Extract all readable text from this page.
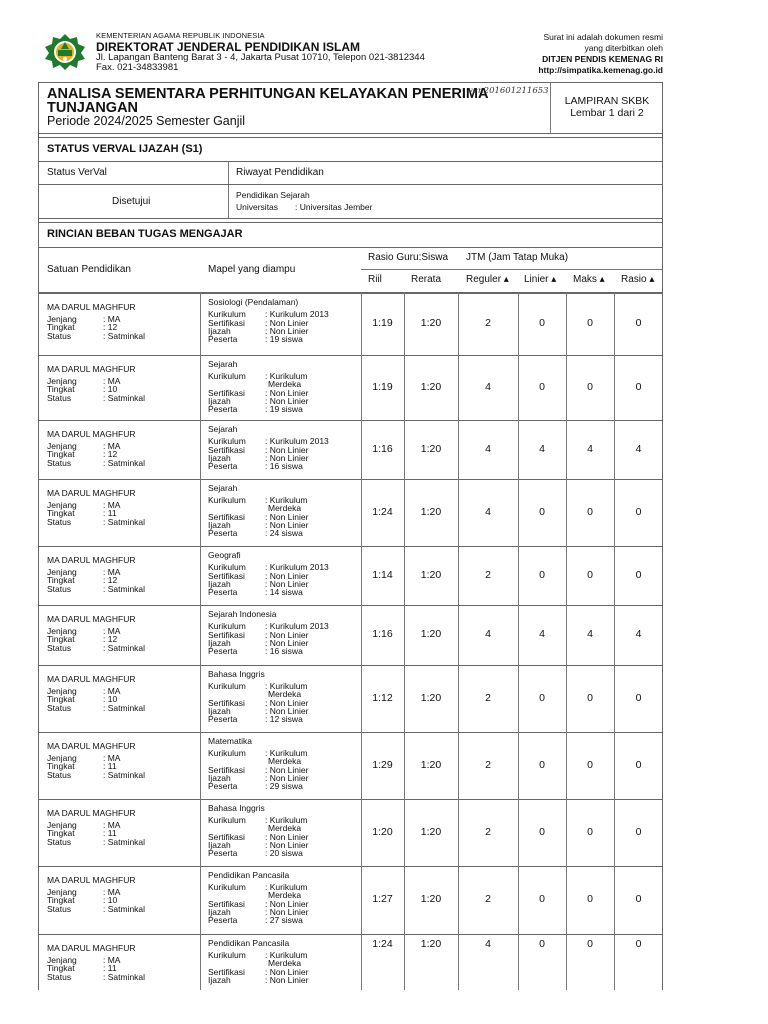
KEMENTERIAN AGAMA REPUBLIK INDONESIA
DIREKTORAT JENDERAL PENDIDIKAN ISLAM
Jl. Lapangan Banteng Barat 3 - 4, Jakarta Pusat 10710, Telepon 021-3812344
Fax. 021-34833981
Surat ini adalah dokumen resmi
yang diterbitkan oleh
DITJEN PENDIS KEMENAG RI
http://simpatika.kemenag.go.id
ANALISA SEMENTARA PERHITUNGAN KELAYAKAN PENERIMA
TUNJANGAN
Periode 2024/2025 Semester Ganjil
ver.201601211653
LAMPIRAN SKBK
Lembar 1 dari 2
STATUS VERVAL IJAZAH (S1)
Status VerVal	Riwayat Pendidikan
Disetujui
Pendidikan Sejarah
Universitas : Universitas Jember
RINCIAN BEBAN TUGAS MENGAJAR
Satuan Pendidikan	Mapel yang diampu
Rasio Guru:Siswa JTM (Jam Tatap Muka)
Riil	Rerata Reguler ▴ Linier ▴ Maks ▴ Rasio ▴
MA DARUL MAGHFUR
Jenjang	: MA
Tingkat	: 12
Status	: Satminkal
Sosiologi (Pendalaman)
Kurikulum : Kurikulum 2013
Sertifikasi : Non Linier
Ijazah	: Non Linier
Peserta	: 19 siswa
1:19	1:20	2	0	0	0
MA DARUL MAGHFUR
Jenjang	: MA
Tingkat	: 10
Status	: Satminkal
Sejarah
Kurikulum : Kurikulum
Merdeka
Sertifikasi : Non Linier
Ijazah	: Non Linier
Peserta	: 19 siswa
1:19	1:20	4	0	0	0
MA DARUL MAGHFUR
Jenjang	: MA
Tingkat	: 12
Status	: Satminkal
Sejarah
Kurikulum : Kurikulum 2013
Sertifikasi : Non Linier
Ijazah	: Non Linier
Peserta	: 16 siswa
1:16	1:20	4	4	4	4
MA DARUL MAGHFUR
Jenjang	: MA
Tingkat	: 11
Status	: Satminkal
Sejarah
Kurikulum : Kurikulum
Merdeka
Sertifikasi : Non Linier
Ijazah	: Non Linier
Peserta	: 24 siswa
1:24	1:20	4	0	0	0
MA DARUL MAGHFUR
Jenjang	: MA
Tingkat	: 12
Status	: Satminkal
Geografi
Kurikulum : Kurikulum 2013
Sertifikasi : Non Linier
Ijazah	: Non Linier
Peserta	: 14 siswa
1:14	1:20	2	0	0	0
MA DARUL MAGHFUR
Jenjang	: MA
Tingkat	: 12
Status	: Satminkal
Sejarah Indonesia
Kurikulum : Kurikulum 2013
Sertifikasi : Non Linier
Ijazah	: Non Linier
Peserta	: 16 siswa
1:16	1:20	4	4	4	4
MA DARUL MAGHFUR
Jenjang	: MA
Tingkat	: 10
Status	: Satminkal
Bahasa Inggris
Kurikulum : Kurikulum
Merdeka
Sertifikasi : Non Linier
Ijazah	: Non Linier
Peserta	: 12 siswa
1:12	1:20	2	0	0	0
MA DARUL MAGHFUR
Jenjang	: MA
Tingkat	: 11
Status	: Satminkal
Matematika
Kurikulum : Kurikulum
Merdeka
Sertifikasi : Non Linier
Ijazah	: Non Linier
Peserta	: 29 siswa
1:29	1:20	2	0	0	0
MA DARUL MAGHFUR
Jenjang	: MA
Tingkat	: 11
Status	: Satminkal
Bahasa Inggris
Kurikulum : Kurikulum
Merdeka
Sertifikasi : Non Linier
Ijazah	: Non Linier
Peserta	: 20 siswa
1:20	1:20	2	0	0	0
MA DARUL MAGHFUR
Jenjang	: MA
Tingkat	: 10
Status	: Satminkal
Pendidikan Pancasila
Kurikulum : Kurikulum
Merdeka
Sertifikasi : Non Linier
Ijazah	: Non Linier
Peserta	: 27 siswa
1:27	1:20	2	0	0	0
MA DARUL MAGHFUR
Jenjang	: MA
Tingkat	: 11
Status	: Satminkal
Pendidikan Pancasila
Kurikulum : Kurikulum
Merdeka
Sertifikasi : Non Linier
Ijazah	: Non Linier
1:24	1:20	4	0	0	0
